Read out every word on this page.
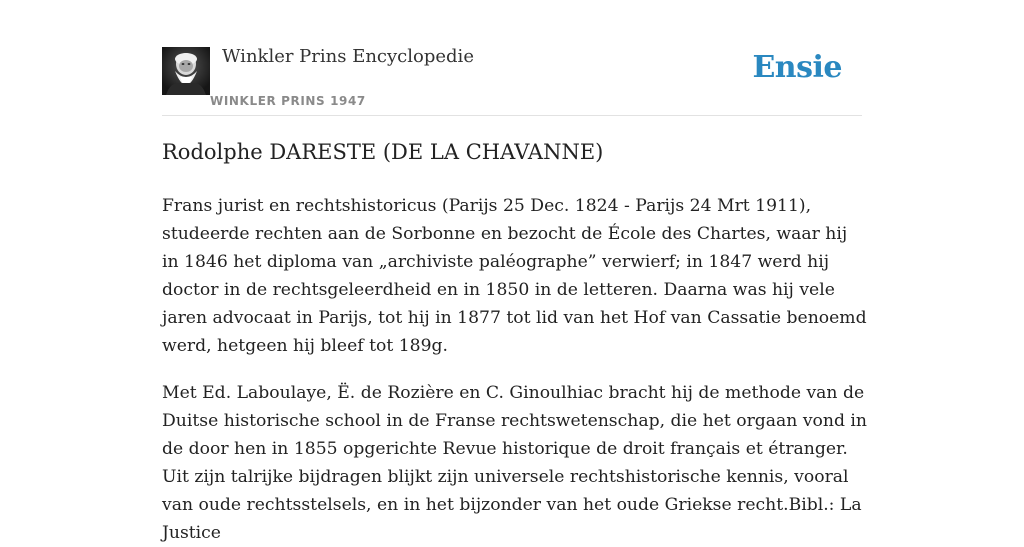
Winkler Prins Encyclopedie
WINKLER PRINS 1947
Ensie
Rodolphe DARESTE (DE LA CHAVANNE)

Frans jurist en rechtshistoricus (Parijs 25 Dec. 1824 - Parijs 24 Mrt 1911), studeerde rechten aan de Sorbonne en bezocht de École des Chartes, waar hij in 1846 het diploma van „archiviste paléographe” verwierf; in 1847 werd hij doctor in de rechtsgeleerdheid en in 1850 in de letteren. Daarna was hij vele jaren advocaat in Parijs, tot hij in 1877 tot lid van het Hof van Cassatie benoemd werd, hetgeen hij bleef tot 189g.

Met Ed. Laboulaye, Ë. de Rozière en C. Ginoulhiac bracht hij de methode van de Duitse historische school in de Franse rechtswetenschap, die het orgaan vond in de door hen in 1855 opgerichte Revue historique de droit français et étranger. Uit zijn talrijke bijdragen blijkt zijn universele rechtshistorische kennis, vooral van oude rechtsstelsels, en in het bijzonder van het oude Griekse recht.Bibl.: La Justice
